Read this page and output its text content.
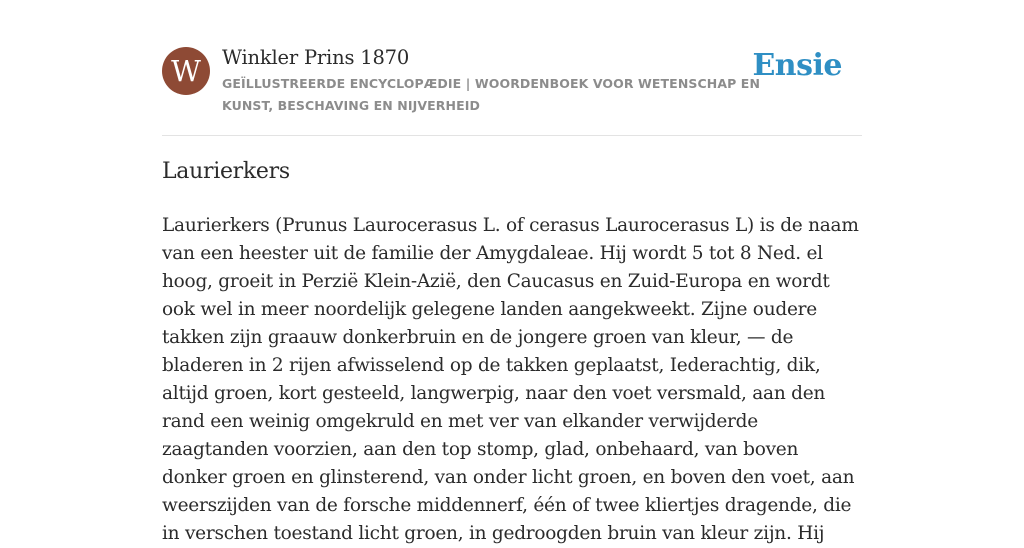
W	Winkler Prins 1870
GEÏLLUSTREERDE ENCYCLOPÆDIE | WOORDENBOEK VOOR WETENSCHAP EN KUNST, BESCHAVING EN NIJVERHEID
Ensie
Laurierkers

Laurierkers (Prunus Laurocerasus L. of cerasus Laurocerasus L) is de naam van een heester uit de familie der Amygdaleae. Hij wordt 5 tot 8 Ned. el hoog, groeit in Perzië Klein-Azië, den Caucasus en Zuid-Europa en wordt ook wel in meer noordelijk gelegene landen aangekweekt. Zijne oudere takken zijn graauw donkerbruin en de jongere groen van kleur, — de bladeren in 2 rijen afwisselend op de takken geplaatst, Iederachtig, dik, altijd groen, kort gesteeld, langwerpig, naar den voet versmald, aan den rand een weinig omgekruld en met ver van elkander verwijderde zaagtanden voorzien, aan den top stomp, glad, onbehaard, van boven donker groen en glinsterend, van onder licht groen, en boven den voet, aan weerszijden van de forsche middennerf, één of twee kliertjes dragende, die in verschen toestand licht groen, in gedroogden bruin van kleur zijn. Hij
